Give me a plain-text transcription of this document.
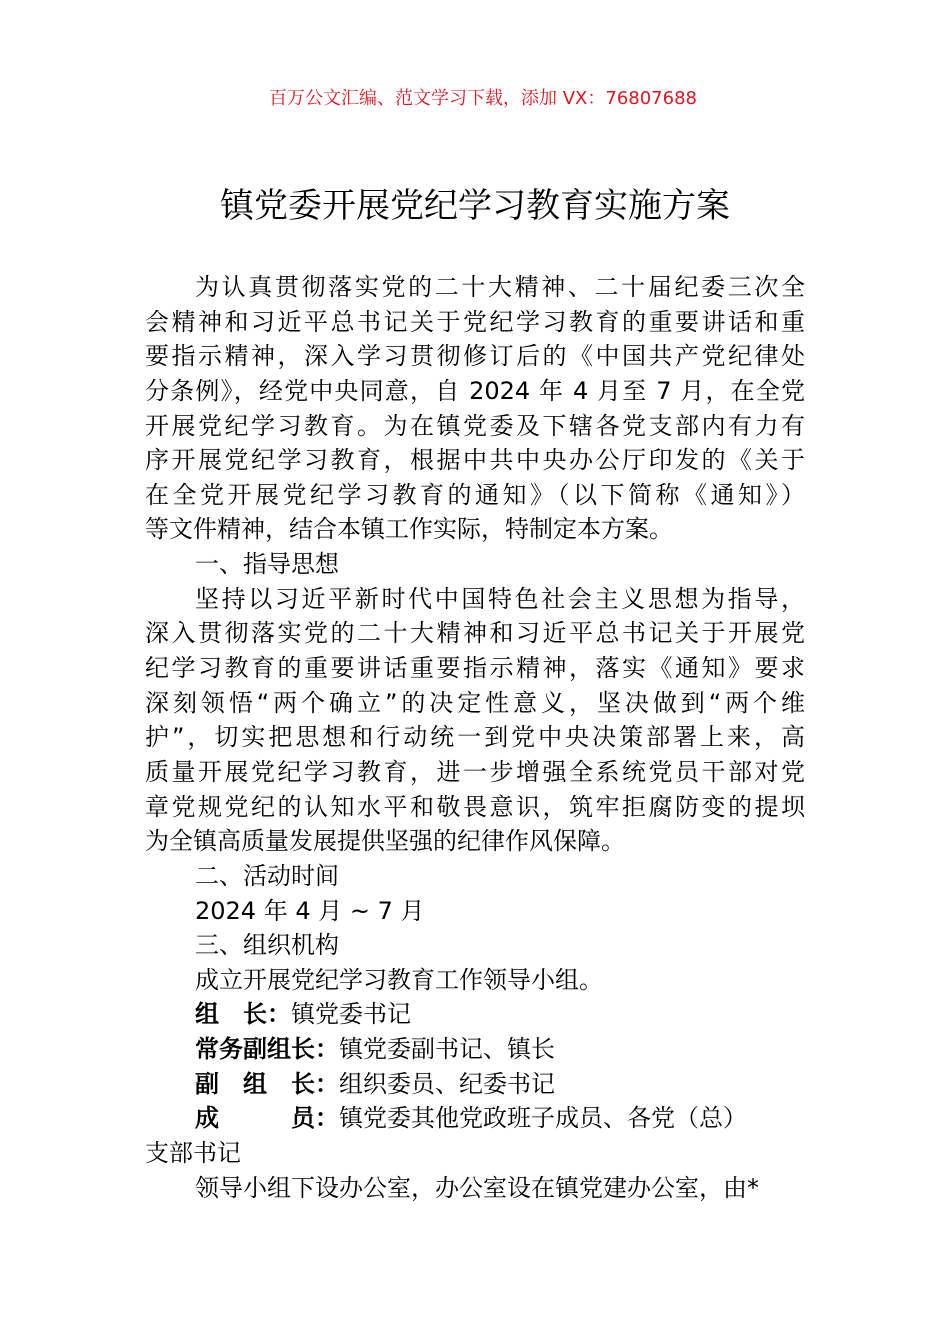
百万公文汇编、范文学习下载，添加 VX：76807688
镇党委开展党纪学习教育实施方案
为认真贯彻落实党的二十大精神、二十届纪委三次全
会精神和习近平总书记关于党纪学习教育的重要讲话和重
要指示精神，深入学习贯彻修订后的《中国共产党纪律处
分条例》，经党中央同意，自 2024 年 4 月至 7 月，在全党
开展党纪学习教育。为在镇党委及下辖各党支部内有力有
序开展党纪学习教育，根据中共中央办公厅印发的《关于
在全党开展党纪学习教育的通知》（以下简称《通知》）
等文件精神，结合本镇工作实际，特制定本方案。
一、指导思想
坚持以习近平新时代中国特色社会主义思想为指导，
深入贯彻落实党的二十大精神和习近平总书记关于开展党
纪学习教育的重要讲话重要指示精神，落实《通知》要求
深刻领悟“两个确立”的决定性意义，坚决做到“两个维
护”，切实把思想和行动统一到党中央决策部署上来，高
质量开展党纪学习教育，进一步增强全系统党员干部对党
章党规党纪的认知水平和敬畏意识，筑牢拒腐防变的提坝
为全镇高质量发展提供坚强的纪律作风保障。
二、活动时间
2024 年 4 月 ~ 7 月
三、组织机构
成立开展党纪学习教育工作领导小组。
组　长：镇党委书记
常务副组长：镇党委副书记、镇长
副　组　长：组织委员、纪委书记
成　　　员：镇党委其他党政班子成员、各党（总）
支部书记
领导小组下设办公室，办公室设在镇党建办公室，由*
